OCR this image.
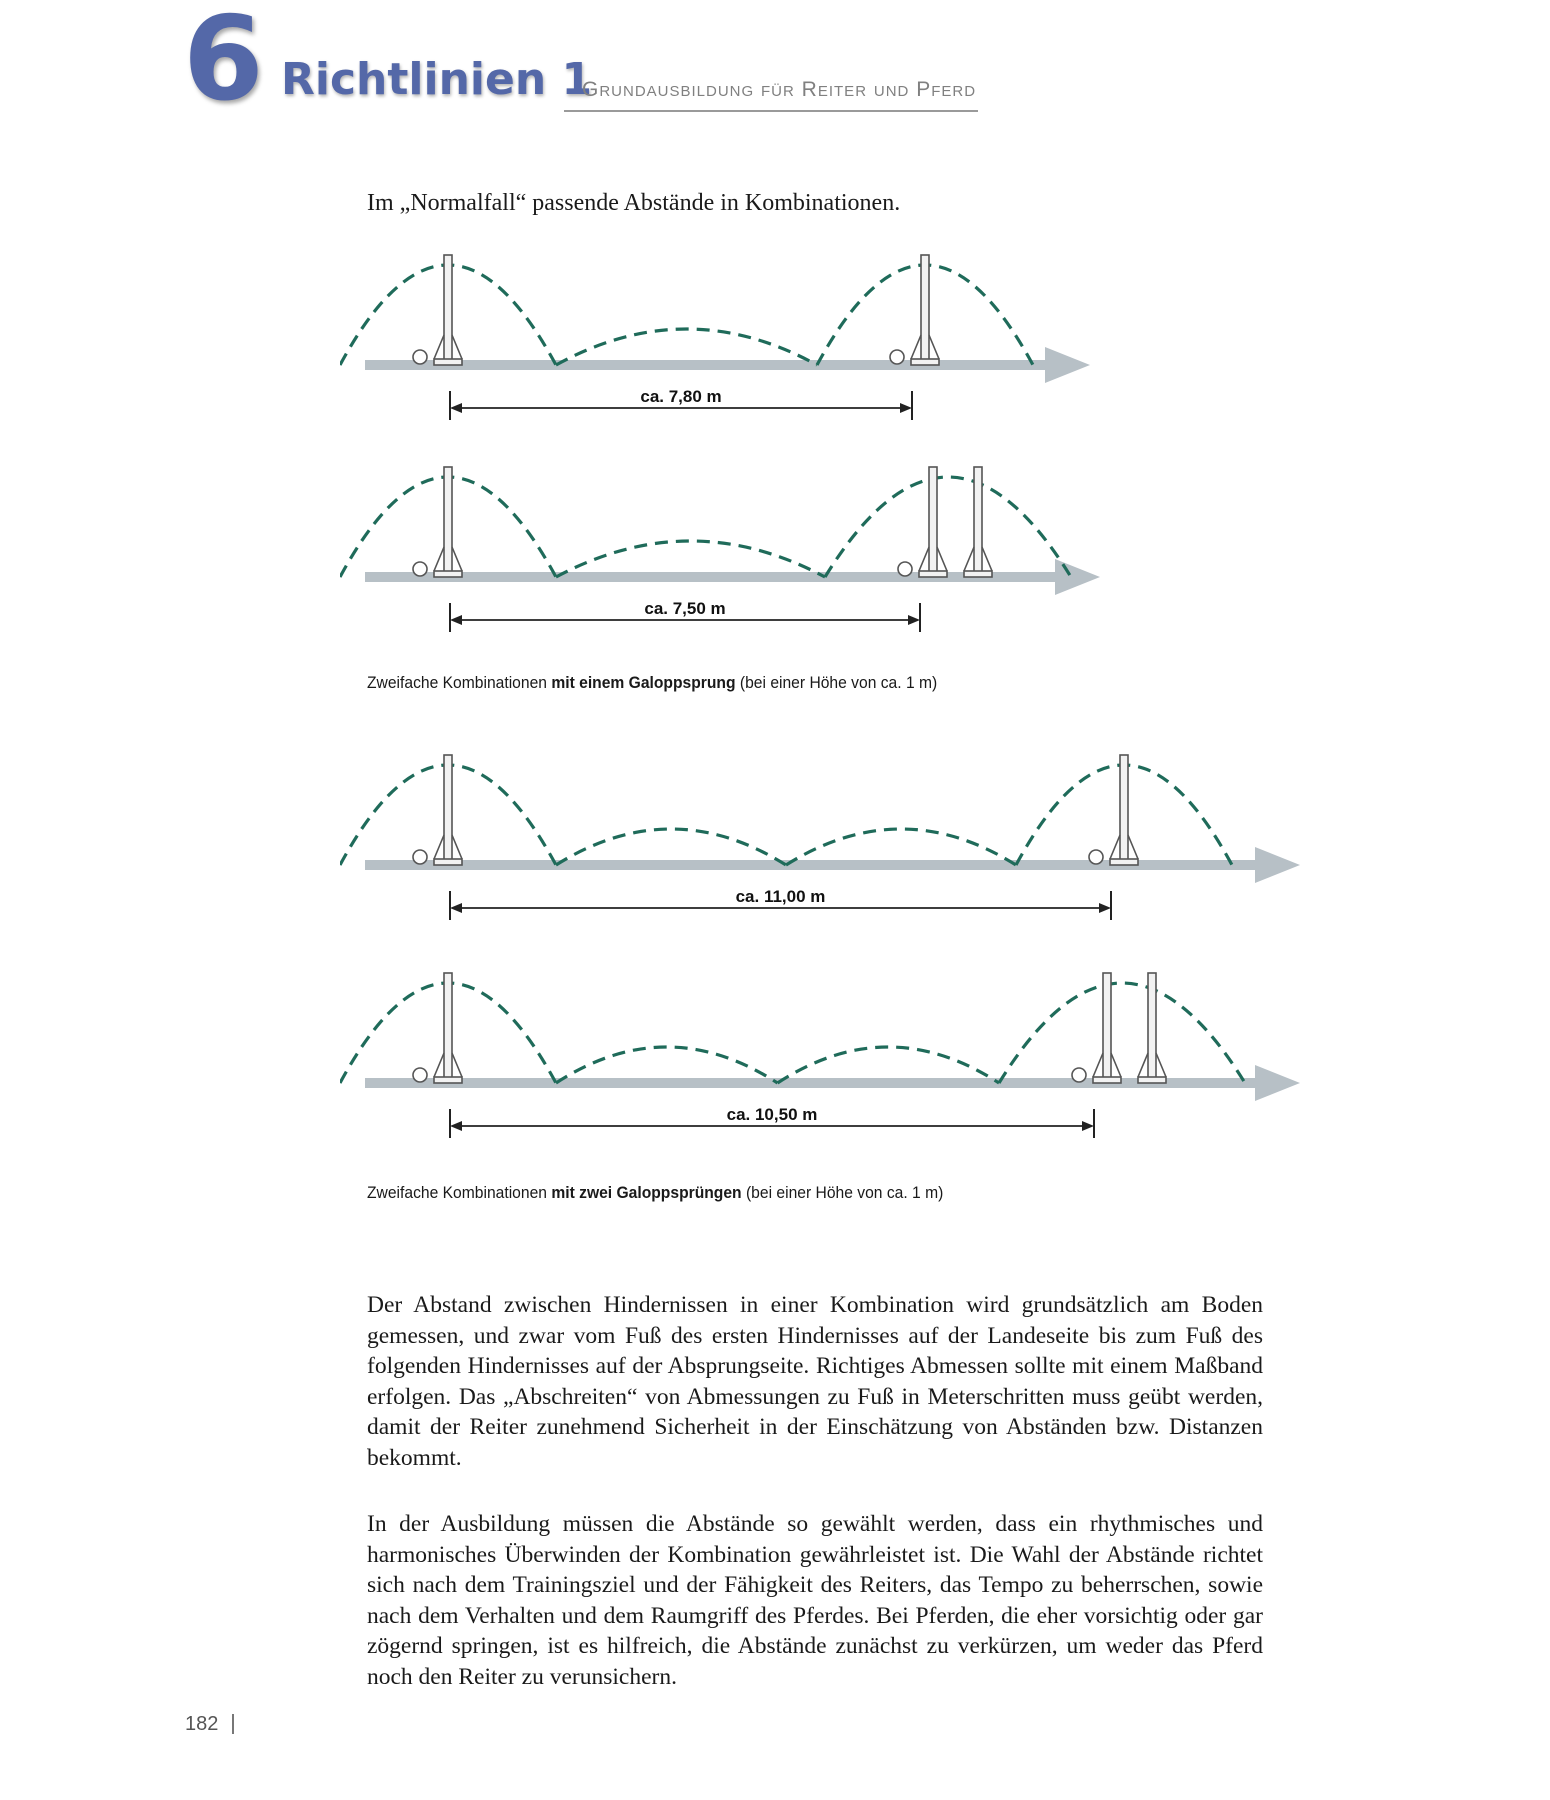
6 Richtlinien 1
Grundausbildung für Reiter und Pferd
Im „Normalfall“ passende Abstände in Kombinationen.
ca. 7,80 m
ca. 7,50 m
Zweifache Kombinationen mit einem Galoppsprung (bei einer Höhe von ca. 1 m)
ca. 11,00 m
ca. 10,50 m
Zweifache Kombinationen mit zwei Galoppsprüngen (bei einer Höhe von ca. 1 m)

Der Abstand zwischen Hindernissen in einer Kombination wird grundsätzlich am Boden gemessen, und zwar vom Fuß des ersten Hindernisses auf der Landeseite bis zum Fuß des folgenden Hindernisses auf der Absprungseite. Richtiges Abmessen sollte mit einem Maßband erfolgen. Das „Abschreiten“ von Abmessungen zu Fuß in Meterschritten muss geübt werden, damit der Reiter zunehmend Sicherheit in der Einschätzung von Abständen bzw. Distanzen bekommt.

In der Ausbildung müssen die Abstände so gewählt werden, dass ein rhythmisches und harmonisches Überwinden der Kombination gewährleistet ist. Die Wahl der Abstände richtet sich nach dem Trainingsziel und der Fähigkeit des Reiters, das Tempo zu beherrschen, sowie nach dem Verhalten und dem Raumgriff des Pferdes. Bei Pferden, die eher vorsichtig oder gar zögernd springen, ist es hilfreich, die Abstände zunächst zu verkürzen, um weder das Pferd noch den Reiter zu verunsichern.

182
